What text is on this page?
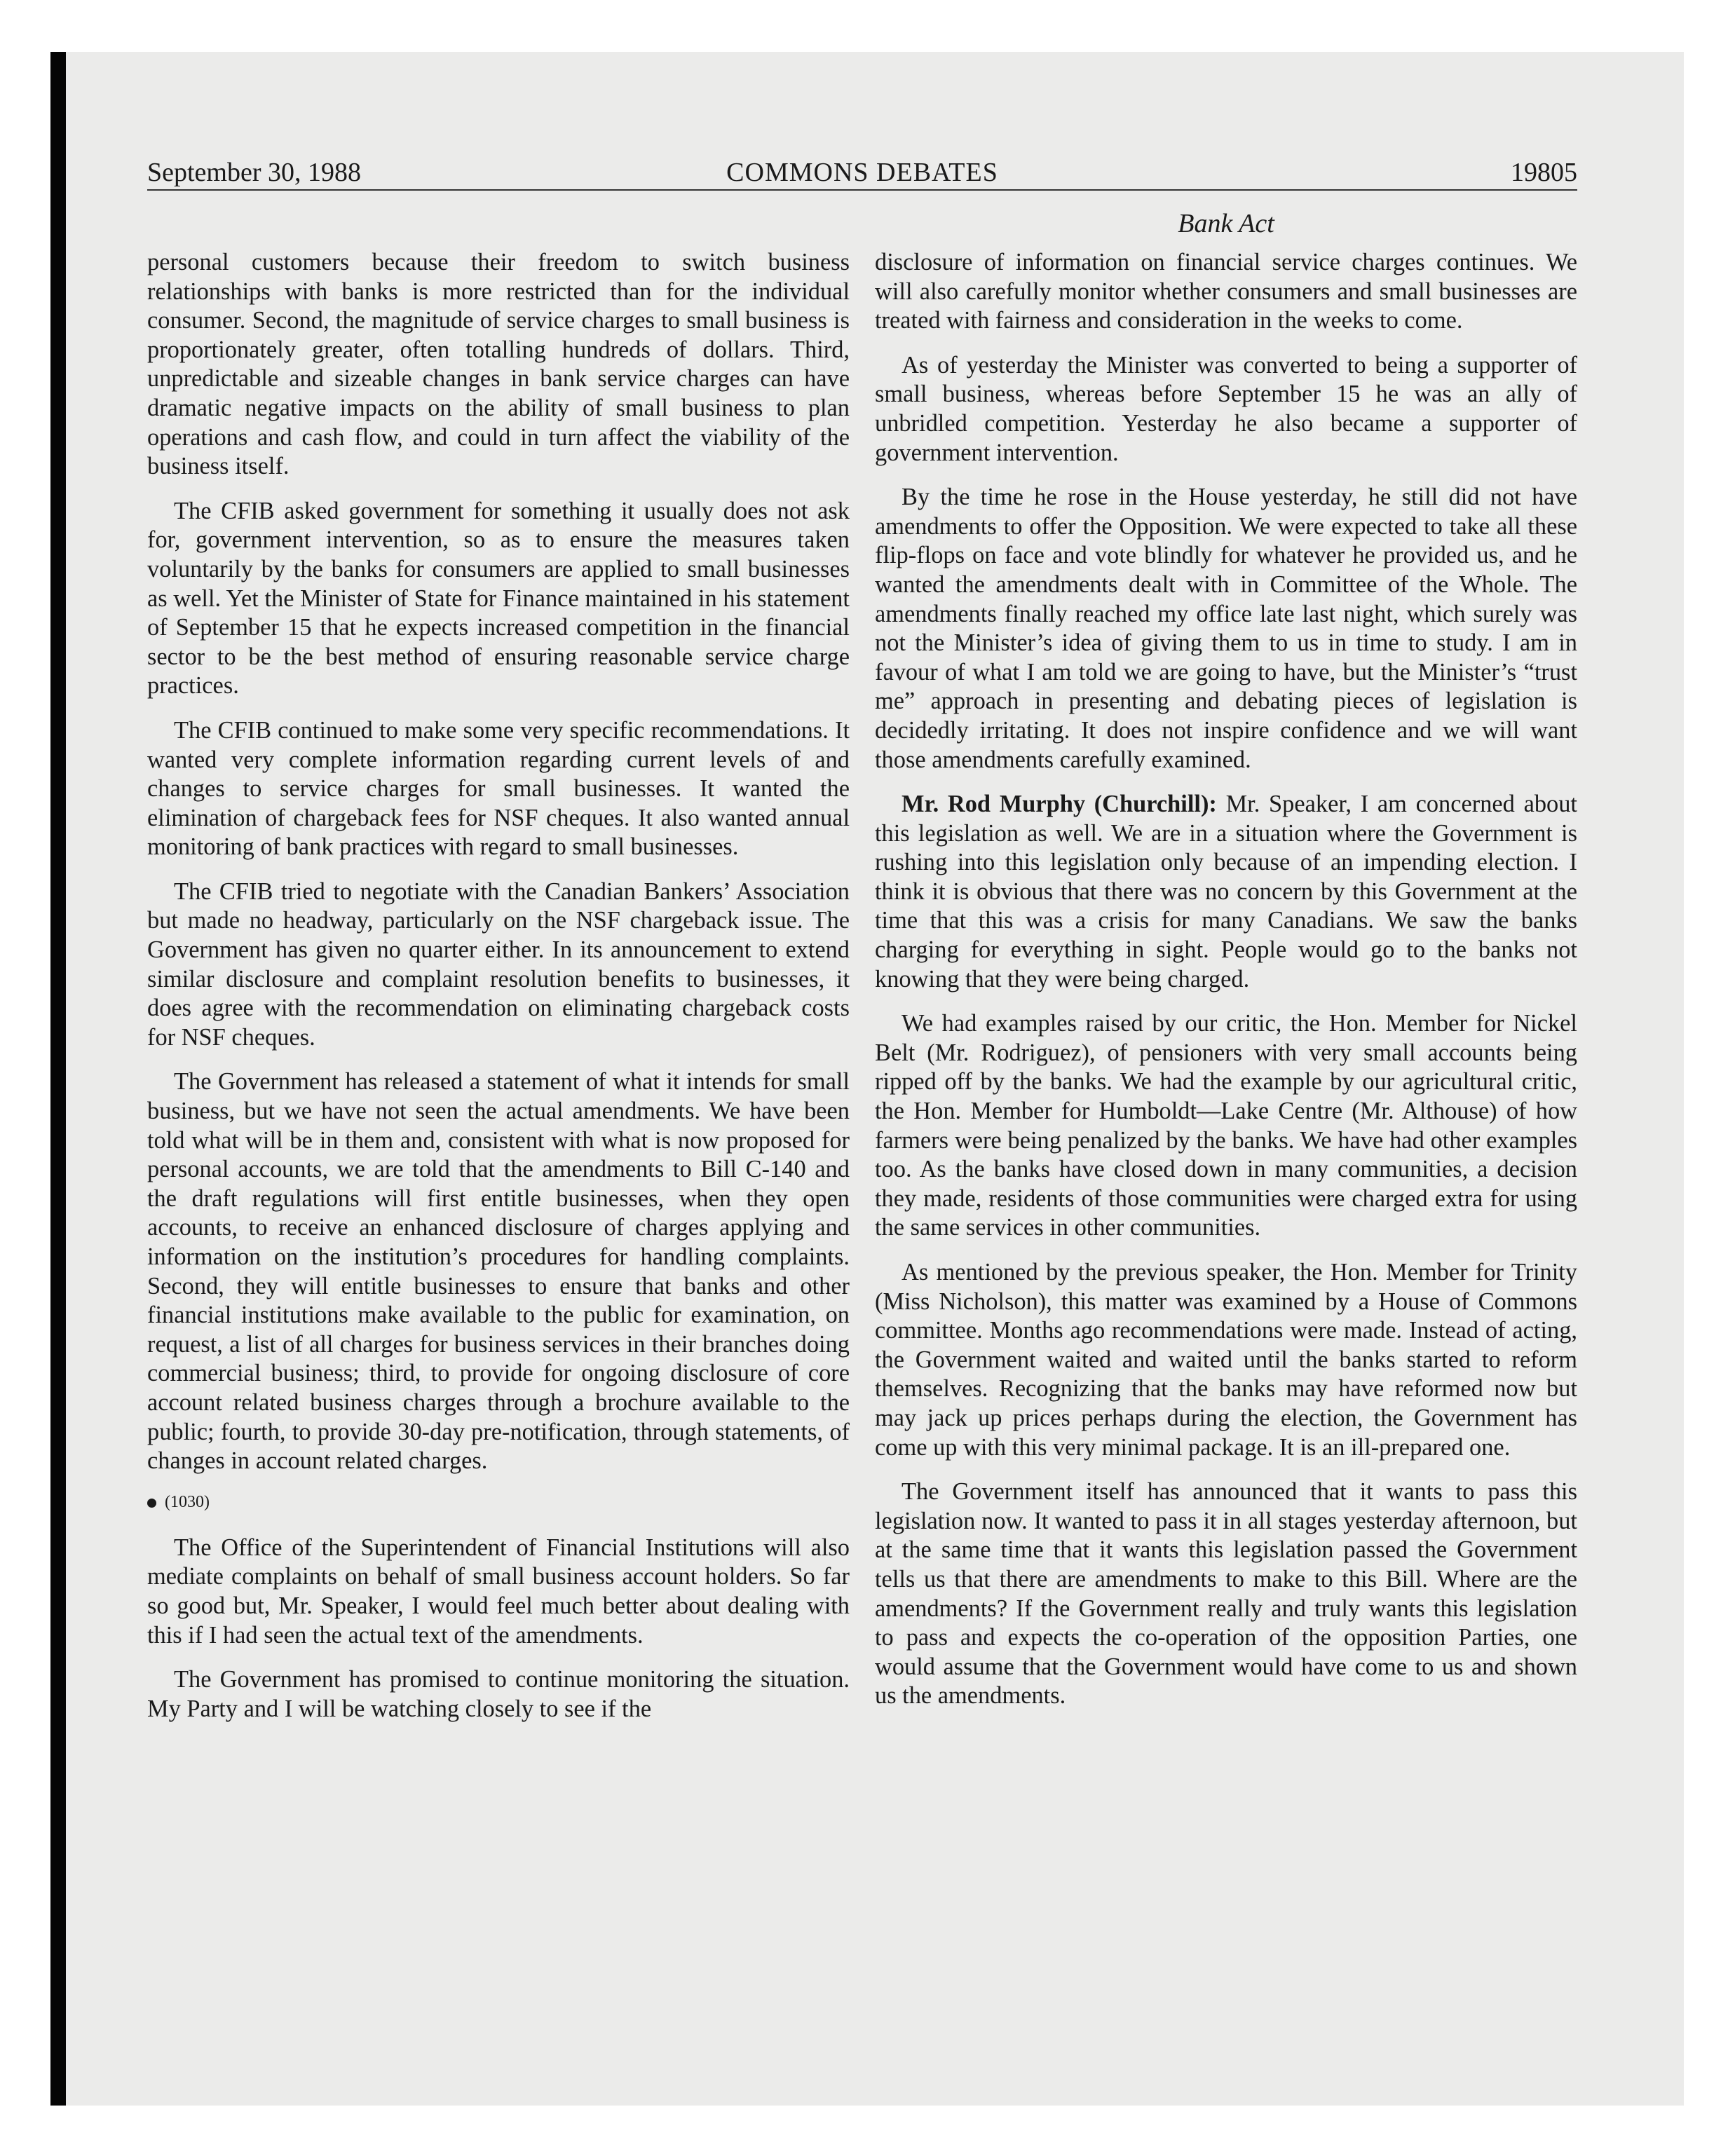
September 30, 1988	COMMONS DEBATES	19805
Bank Act

personal customers because their freedom to switch business relationships with banks is more restricted than for the individual consumer. Second, the magnitude of service charges to small business is proportionately greater, often totalling hundreds of dollars. Third, unpredictable and sizeable changes in bank service charges can have dramatic negative impacts on the ability of small business to plan operations and cash flow, and could in turn affect the viability of the business itself.

The CFIB asked government for something it usually does not ask for, government intervention, so as to ensure the measures taken voluntarily by the banks for consumers are applied to small businesses as well. Yet the Minister of State for Finance maintained in his statement of September 15 that he expects increased competition in the financial sector to be the best method of ensuring reasonable service charge practices.

The CFIB continued to make some very specific recommendations. It wanted very complete information regarding current levels of and changes to service charges for small businesses. It wanted the elimination of chargeback fees for NSF cheques. It also wanted annual monitoring of bank practices with regard to small businesses.

The CFIB tried to negotiate with the Canadian Bankers’ Association but made no headway, particularly on the NSF chargeback issue. The Government has given no quarter either. In its announcement to extend similar disclosure and complaint resolution benefits to businesses, it does agree with the recommendation on eliminating chargeback costs for NSF cheques.

The Government has released a statement of what it intends for small business, but we have not seen the actual amendments. We have been told what will be in them and, consistent with what is now proposed for personal accounts, we are told that the amendments to Bill C-140 and the draft regulations will first entitle businesses, when they open accounts, to receive an enhanced disclosure of charges applying and information on the institution’s procedures for handling complaints. Second, they will entitle businesses to ensure that banks and other financial institutions make available to the public for examination, on request, a list of all charges for business services in their branches doing commercial business; third, to provide for ongoing disclosure of core account related business charges through a brochure available to the public; fourth, to provide 30-day pre-notification, through statements, of changes in account related charges.

(1030)

The Office of the Superintendent of Financial Institutions will also mediate complaints on behalf of small business account holders. So far so good but, Mr. Speaker, I would feel much better about dealing with this if I had seen the actual text of the amendments.

The Government has promised to continue monitoring the situation. My Party and I will be watching closely to see if the

disclosure of information on financial service charges continues. We will also carefully monitor whether consumers and small businesses are treated with fairness and consideration in the weeks to come.

As of yesterday the Minister was converted to being a supporter of small business, whereas before September 15 he was an ally of unbridled competition. Yesterday he also became a supporter of government intervention.

By the time he rose in the House yesterday, he still did not have amendments to offer the Opposition. We were expected to take all these flip-flops on face and vote blindly for whatever he provided us, and he wanted the amendments dealt with in Committee of the Whole. The amendments finally reached my office late last night, which surely was not the Minister’s idea of giving them to us in time to study. I am in favour of what I am told we are going to have, but the Minister’s “trust me” approach in presenting and debating pieces of legislation is decidedly irritating. It does not inspire confidence and we will want those amendments carefully examined.

Mr. Rod Murphy (Churchill): Mr. Speaker, I am concerned about this legislation as well. We are in a situation where the Government is rushing into this legislation only because of an impending election. I think it is obvious that there was no concern by this Government at the time that this was a crisis for many Canadians. We saw the banks charging for everything in sight. People would go to the banks not knowing that they were being charged.

We had examples raised by our critic, the Hon. Member for Nickel Belt (Mr. Rodriguez), of pensioners with very small accounts being ripped off by the banks. We had the example by our agricultural critic, the Hon. Member for Humboldt—Lake Centre (Mr. Althouse) of how farmers were being penalized by the banks. We have had other examples too. As the banks have closed down in many communities, a decision they made, residents of those communities were charged extra for using the same services in other communities.

As mentioned by the previous speaker, the Hon. Member for Trinity (Miss Nicholson), this matter was examined by a House of Commons committee. Months ago recommendations were made. Instead of acting, the Government waited and waited until the banks started to reform themselves. Recognizing that the banks may have reformed now but may jack up prices perhaps during the election, the Government has come up with this very minimal package. It is an ill-prepared one.

The Government itself has announced that it wants to pass this legislation now. It wanted to pass it in all stages yesterday afternoon, but at the same time that it wants this legislation passed the Government tells us that there are amendments to make to this Bill. Where are the amendments? If the Government really and truly wants this legislation to pass and expects the co-operation of the opposition Parties, one would assume that the Government would have come to us and shown us the amendments.
